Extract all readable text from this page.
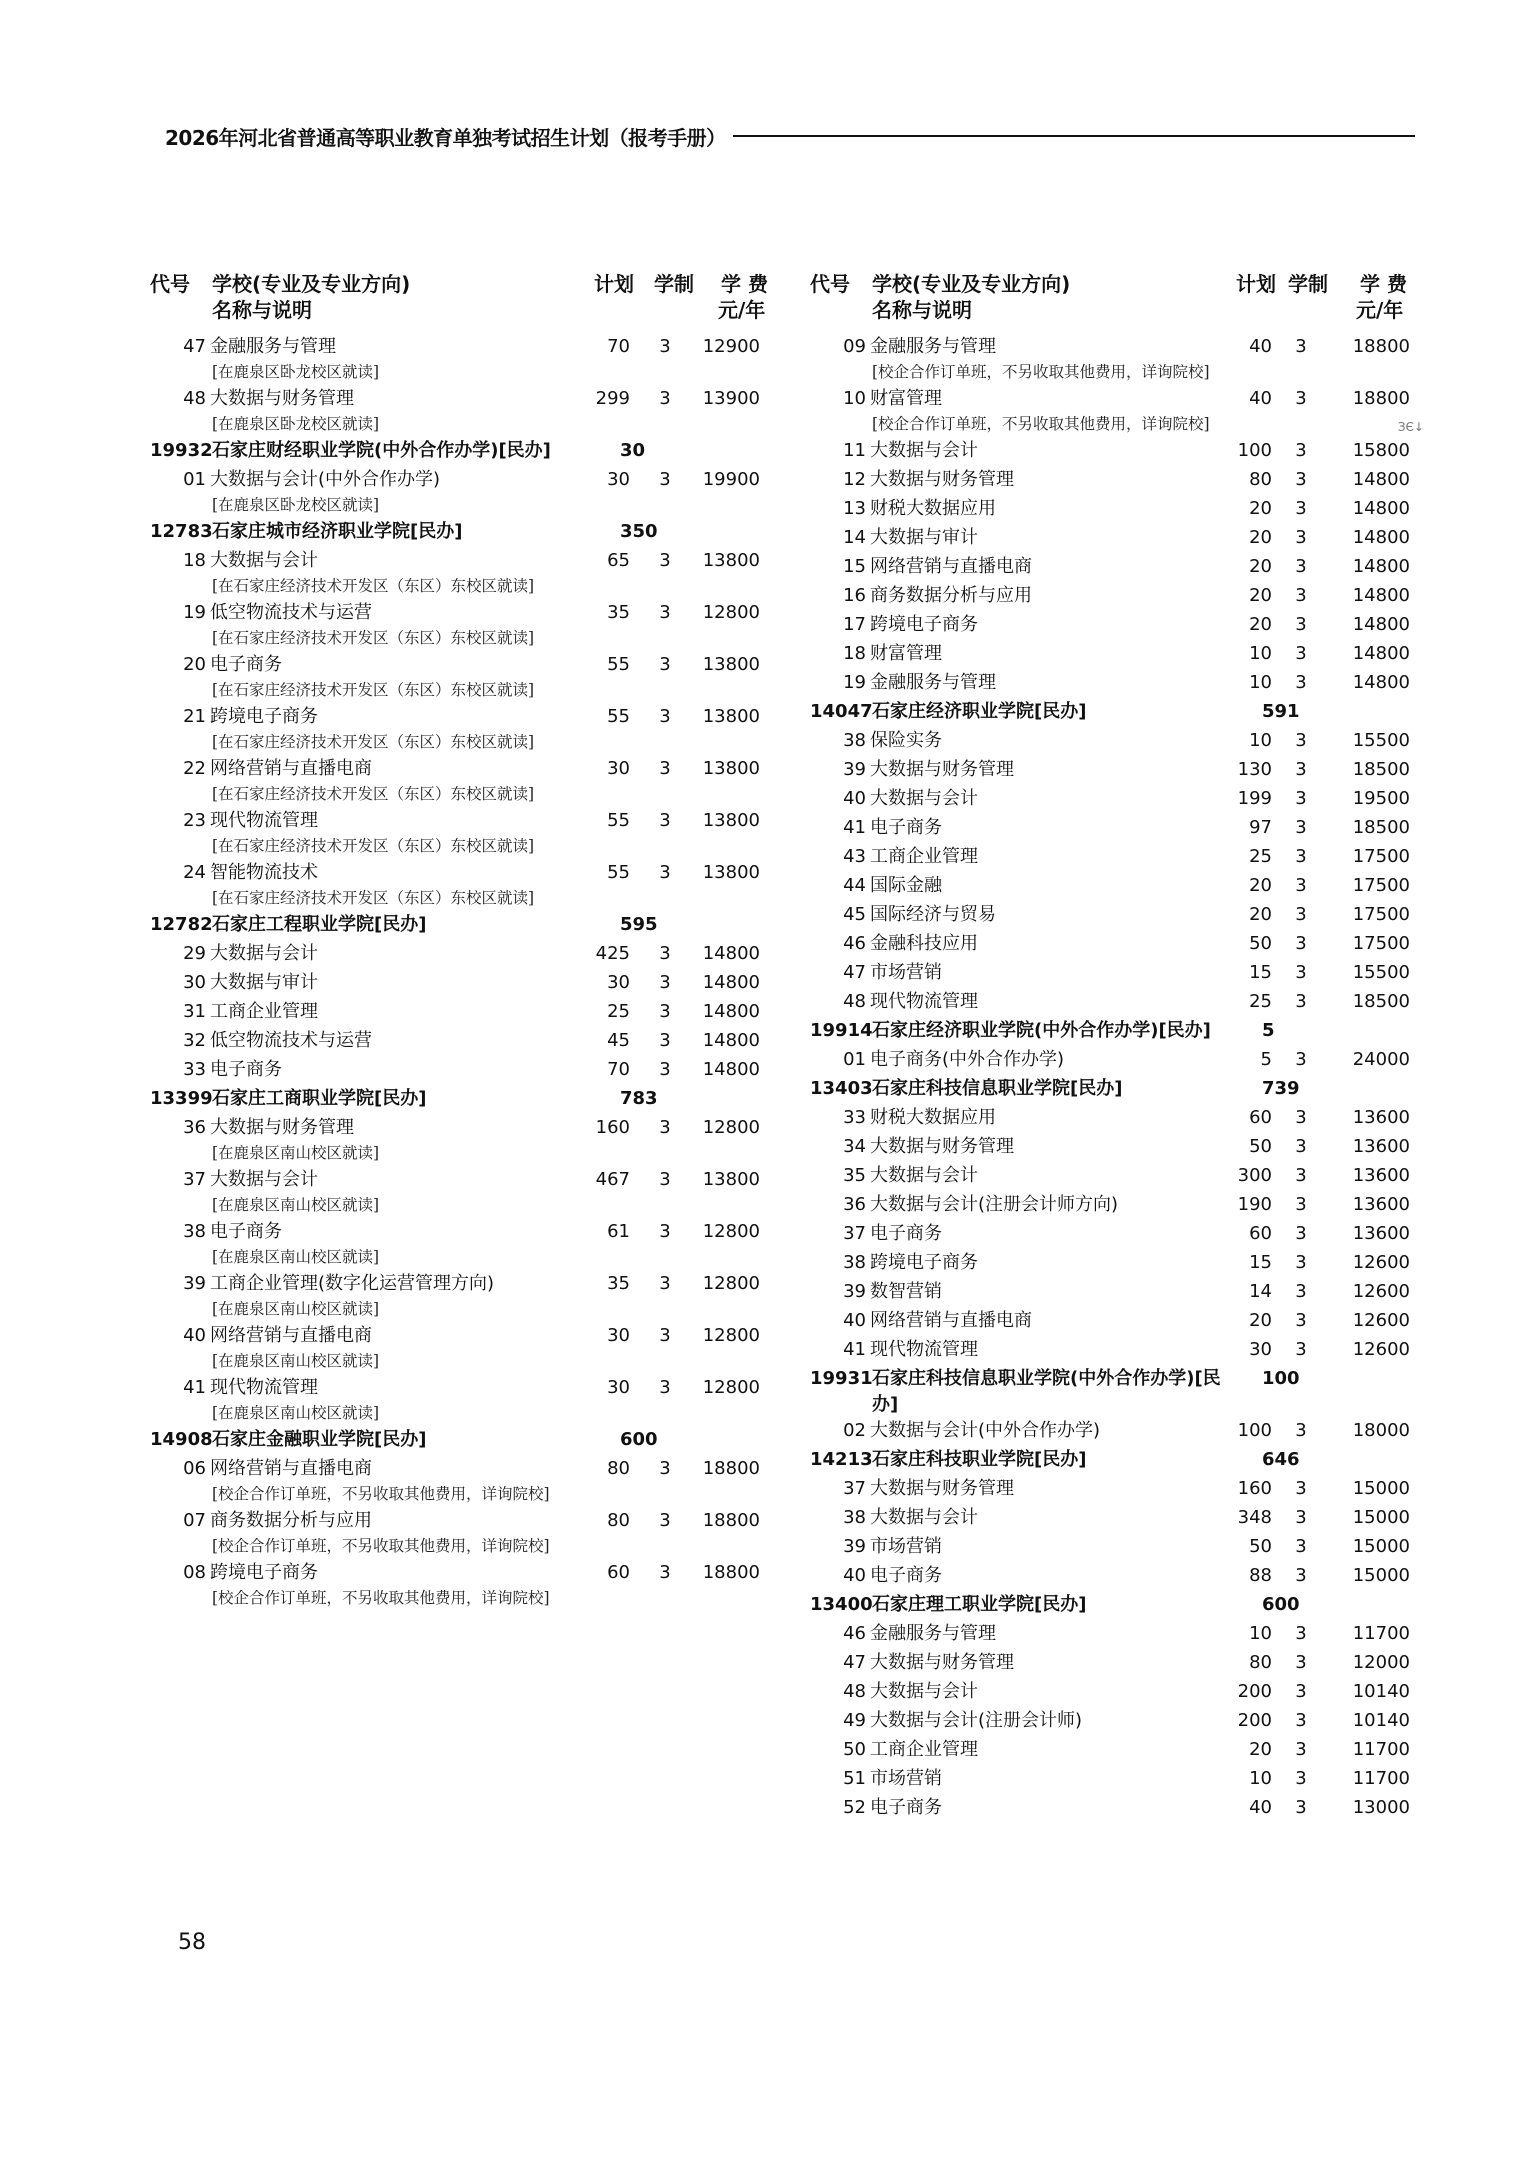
2026年河北省普通高等职业教育单独考试招生计划（报考手册）
代号 学校(专业及专业方向)
名称与说明
计划 学制 学 费
元/年
47 金融服务与管理	70	3	12900
[在鹿泉区卧龙校区就读]
48 大数据与财务管理	299	3	13900
[在鹿泉区卧龙校区就读]
19932 石家庄财经职业学院(中外合作办学)[民办]	30
01 大数据与会计(中外合作办学)	30	3	19900
[在鹿泉区卧龙校区就读]
12783 石家庄城市经济职业学院[民办]	350
18 大数据与会计	65	3	13800
[在石家庄经济技术开发区（东区）东校区就读]
19 低空物流技术与运营	35	3	12800
[在石家庄经济技术开发区（东区）东校区就读]
20 电子商务	55	3	13800
[在石家庄经济技术开发区（东区）东校区就读]
21 跨境电子商务	55	3	13800
[在石家庄经济技术开发区（东区）东校区就读]
22 网络营销与直播电商	30	3	13800
[在石家庄经济技术开发区（东区）东校区就读]
23 现代物流管理	55	3	13800
[在石家庄经济技术开发区（东区）东校区就读]
24 智能物流技术	55	3	13800
[在石家庄经济技术开发区（东区）东校区就读]
12782 石家庄工程职业学院[民办]	595
29 大数据与会计	425	3	14800
30 大数据与审计	30	3	14800
31 工商企业管理	25	3	14800
32 低空物流技术与运营	45	3	14800
33 电子商务	70	3	14800
13399 石家庄工商职业学院[民办]	783
36 大数据与财务管理	160	3	12800
[在鹿泉区南山校区就读]
37 大数据与会计	467	3	13800
[在鹿泉区南山校区就读]
38 电子商务	61	3	12800
[在鹿泉区南山校区就读]
39 工商企业管理(数字化运营管理方向)	35	3	12800
[在鹿泉区南山校区就读]
40 网络营销与直播电商	30	3	12800
[在鹿泉区南山校区就读]
41 现代物流管理	30	3	12800
[在鹿泉区南山校区就读]
14908 石家庄金融职业学院[民办]	600
06 网络营销与直播电商	80	3	18800
[校企合作订单班，不另收取其他费用，详询院校]
07 商务数据分析与应用	80	3	18800
[校企合作订单班，不另收取其他费用，详询院校]
08 跨境电子商务	60	3	18800
[校企合作订单班，不另收取其他费用，详询院校]
代号 学校(专业及专业方向)
名称与说明
计划 学制 学 费
元/年
09 金融服务与管理	40	3	18800
[校企合作订单班，不另收取其他费用，详询院校]
10 财富管理	40	3	18800
[校企合作订单班，不另收取其他费用，详询院校]	ЗЄ↓
11 大数据与会计	100	3	15800
12 大数据与财务管理	80	3	14800
13 财税大数据应用	20	3	14800
14 大数据与审计	20	3	14800
15 网络营销与直播电商	20	3	14800
16 商务数据分析与应用	20	3	14800
17 跨境电子商务	20	3	14800
18 财富管理	10	3	14800
19 金融服务与管理	10	3	14800
14047 石家庄经济职业学院[民办]	591
38 保险实务	10	3	15500
39 大数据与财务管理	130	3	18500
40 大数据与会计	199	3	19500
41 电子商务	97	3	18500
43 工商企业管理	25	3	17500
44 国际金融	20	3	17500
45 国际经济与贸易	20	3	17500
46 金融科技应用	50	3	17500
47 市场营销	15	3	15500
48 现代物流管理	25	3	18500
19914 石家庄经济职业学院(中外合作办学)[民办]	5
01 电子商务(中外合作办学)	5	3	24000
13403 石家庄科技信息职业学院[民办]	739
33 财税大数据应用	60	3	13600
34 大数据与财务管理	50	3	13600
35 大数据与会计	300	3	13600
36 大数据与会计(注册会计师方向)	190	3	13600
37 电子商务	60	3	13600
38 跨境电子商务	15	3	12600
39 数智营销	14	3	12600
40 网络营销与直播电商	20	3	12600
41 现代物流管理	30	3	12600
19931 石家庄科技信息职业学院(中外合作办学)[民办]
100
02 大数据与会计(中外合作办学)	100	3	18000
14213 石家庄科技职业学院[民办]	646
37 大数据与财务管理	160	3	15000
38 大数据与会计	348	3	15000
39 市场营销	50	3	15000
40 电子商务	88	3	15000
13400 石家庄理工职业学院[民办]	600
46 金融服务与管理	10	3	11700
47 大数据与财务管理	80	3	12000
48 大数据与会计	200	3	10140
49 大数据与会计(注册会计师)	200	3	10140
50 工商企业管理	20	3	11700
51 市场营销	10	3	11700
52 电子商务	40	3	13000
58
